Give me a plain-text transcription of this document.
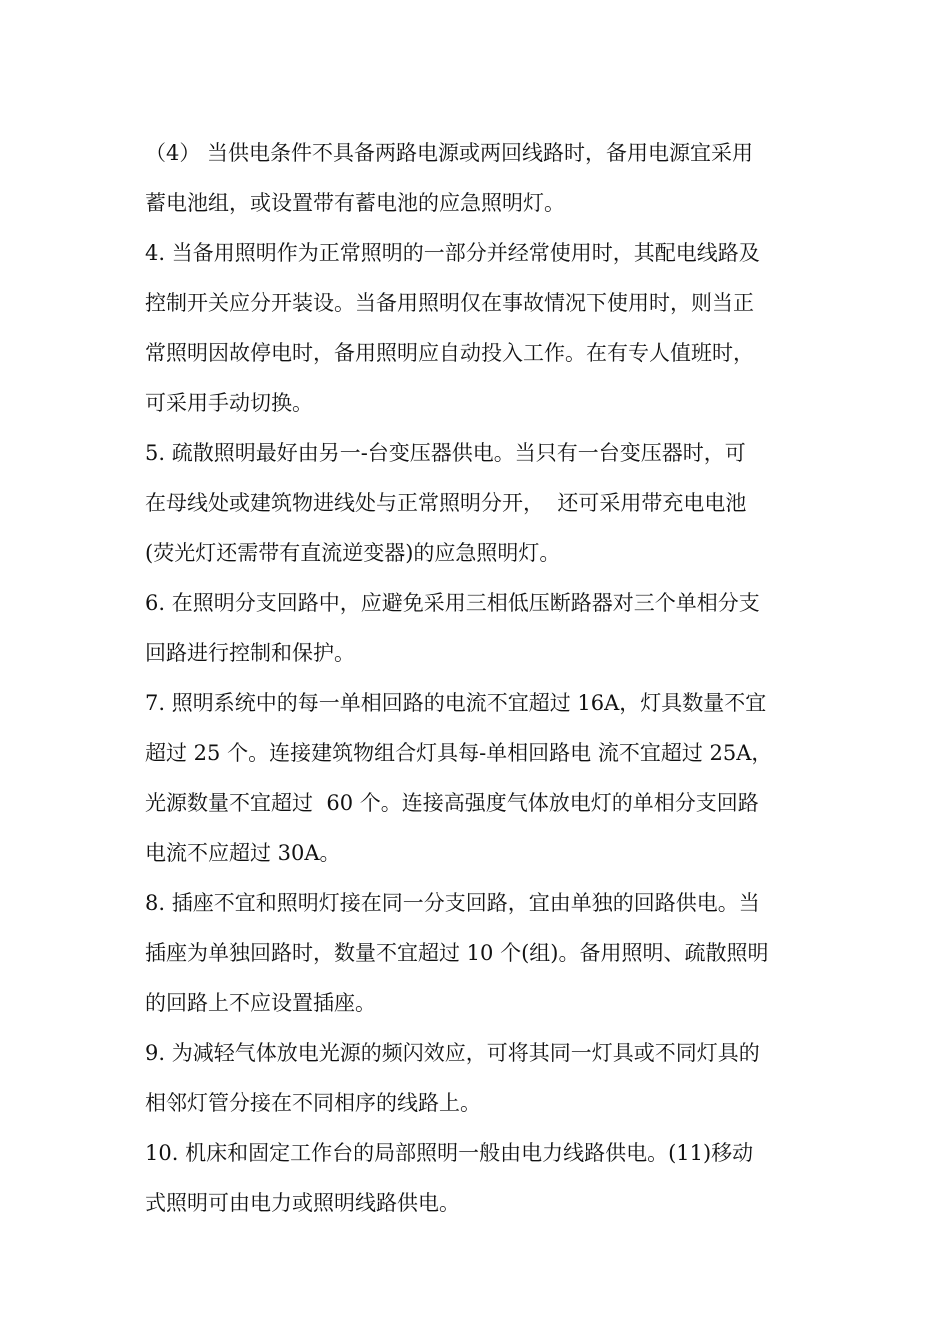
（4） 当供电条件不具备两路电源或两回线路时，备用电源宜采用
蓄电池组，或设置带有蓄电池的应急照明灯。
4. 当备用照明作为正常照明的一部分并经常使用时，其配电线路及
控制开关应分开装设。当备用照明仅在事故情况下使用时，则当正
常照明因故停电时，备用照明应自动投入工作。在有专人值班时，
可采用手动切换。
5. 疏散照明最好由另一-台变压器供电。当只有一台变压器时，可
在母线处或建筑物进线处与正常照明分开，  还可采用带充电电池
(荧光灯还需带有直流逆变器)的应急照明灯。
6. 在照明分支回路中，应避免采用三相低压断路器对三个单相分支
回路进行控制和保护。
7. 照明系统中的每一单相回路的电流不宜超过 16A，灯具数量不宜
超过 25 个。连接建筑物组合灯具每-单相回路电 流不宜超过 25A，
光源数量不宜超过  60 个。连接高强度气体放电灯的单相分支回路
电流不应超过 30A。
8. 插座不宜和照明灯接在同一分支回路，宜由单独的回路供电。当
插座为单独回路时，数量不宜超过 10 个(组)。备用照明、疏散照明
的回路上不应设置插座。
9. 为减轻气体放电光源的频闪效应，可将其同一灯具或不同灯具的
相邻灯管分接在不同相序的线路上。
10. 机床和固定工作台的局部照明一般由电力线路供电。(11)移动
式照明可由电力或照明线路供电。
